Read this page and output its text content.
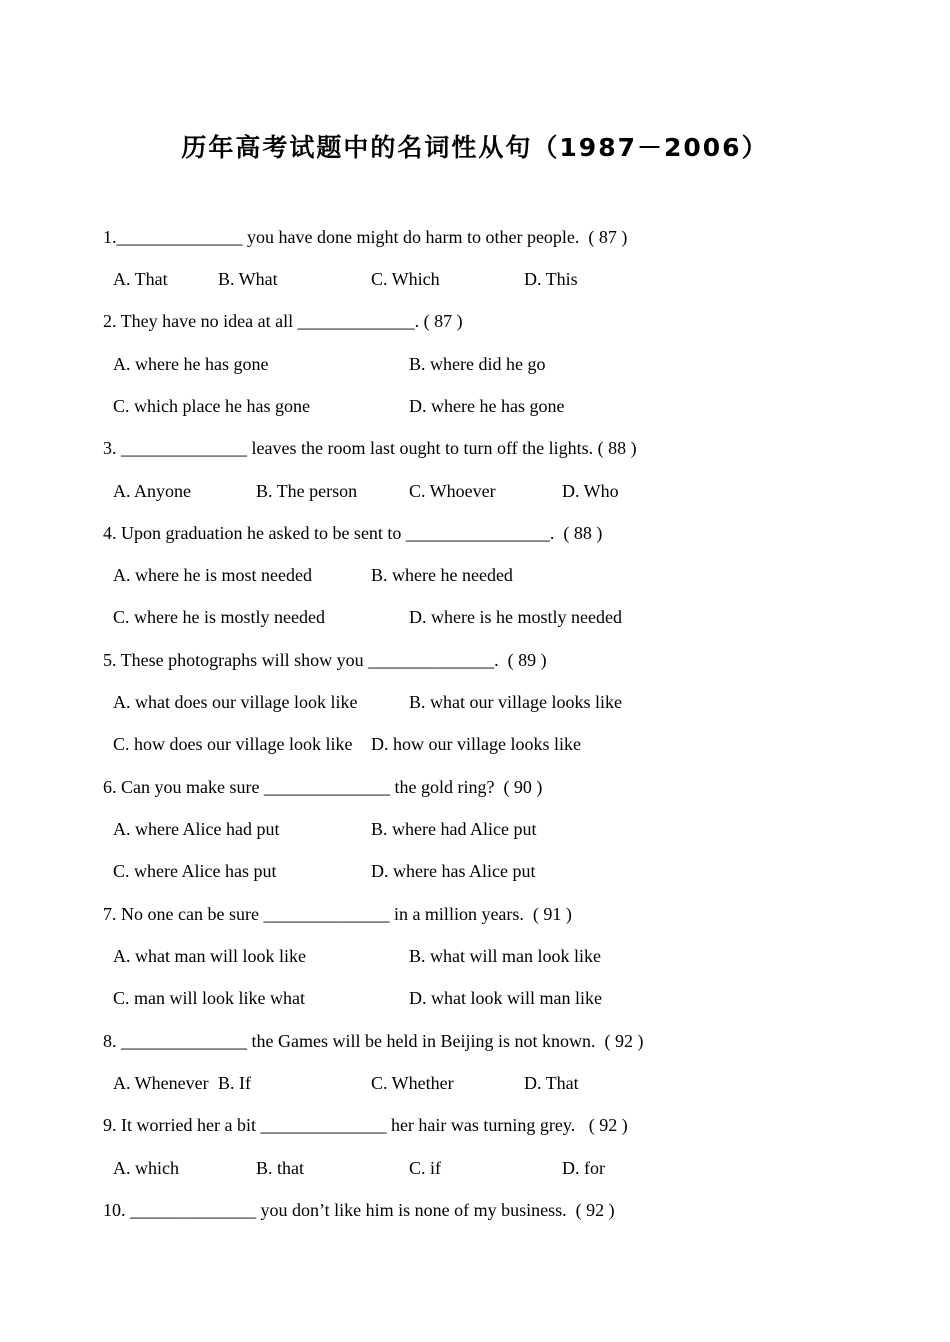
历年高考试题中的名词性从句（1987－2006）
1.______________ you have done might do harm to other people.  ( 87 )
A. That	B. What	C. Which	D. This
2. They have no idea at all _____________. ( 87 )
A. where he has gone	B. where did he go
C. which place he has gone	D. where he has gone
3. ______________ leaves the room last ought to turn off the lights. ( 88 )
A. Anyone	B. The person	C. Whoever	D. Who
4. Upon graduation he asked to be sent to ________________.  ( 88 )
A. where he is most needed	B. where he needed
C. where he is mostly needed	D. where is he mostly needed
5. These photographs will show you ______________.  ( 89 )
A. what does our village look like	B. what our village looks like
C. how does our village look like D. how our village looks like
6. Can you make sure ______________ the gold ring?  ( 90 )
A. where Alice had put	B. where had Alice put
C. where Alice has put	D. where has Alice put
7. No one can be sure ______________ in a million years.  ( 91 )
A. what man will look like	B. what will man look like
C. man will look like what	D. what look will man like
8. ______________ the Games will be held in Beijing is not known.  ( 92 )
A. Whenever B. If	C. Whether	D. That
9. It worried her a bit ______________ her hair was turning grey.   ( 92 )
A. which	B. that	C. if	D. for
10. ______________ you don’t like him is none of my business.  ( 92 )
